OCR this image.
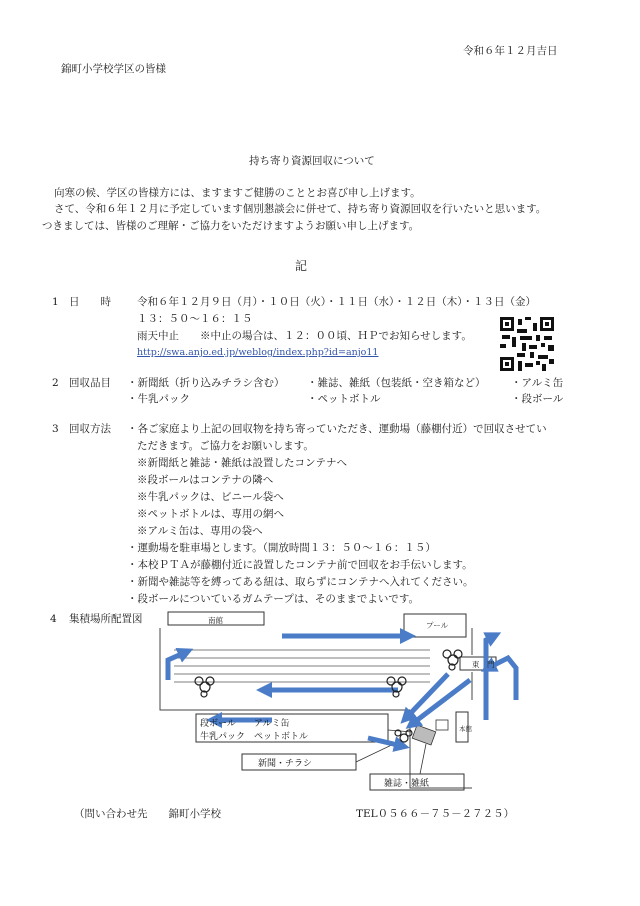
令和６年１２月吉日
錦町小学校学区の皆様
持ち寄り資源回収について
向寒の候、学区の皆様方には、ますますご健勝のこととお喜び申し上げます。
さて、令和６年１２月に予定しています個別懇談会に併せて、持ち寄り資源回収を行いたいと思います。
つきましては、皆様のご理解・ご協力をいただけますようお願い申し上げます。
記
1 日　　時 令和６年１２月９日（月）・１０日（火）・１１日（水）・１２日（木）・１３日（金）
１３：５０～１６：１５
雨天中止　　※中止の場合は、１２：００頃、ＨＰでお知らせします。
http://swa.anjo.ed.jp/weblog/index.php?id=anjo11
2 回収品目 ・新聞紙（折り込みチラシ含む） ・雑誌、雑紙（包装紙・空き箱など） ・アルミ缶
・牛乳パック	・ペットボトル	・段ボール
3 回収方法 ・各ご家庭より上記の回収物を持ち寄っていただき、運動場（藤棚付近）で回収させてい
ただきます。ご協力をお願いします。
※新聞紙と雑誌・雑紙は設置したコンテナへ
※段ボールはコンテナの隣へ
※牛乳パックは、ビニール袋へ
※ペットボトルは、専用の網へ
※アルミ缶は、専用の袋へ
・運動場を駐車場とします。（開放時間１３：５０～１６：１５）
・本校ＰＴＡが藤棚付近に設置したコンテナ前で回収をお手伝いします。
・新聞や雑誌等を縛ってある紐は、取らずにコンテナへ入れてください。
・段ボールについているガムテープは、そのままでよいです。
4 集積場所配置図	南館
プール
東　門
本館
段ボール　　アルミ缶
牛乳パック　ペットボトル
新聞・チラシ
雑誌・雑紙
（問い合わせ先　　錦町小学校	TEL０５６６－７５－２７２５）
